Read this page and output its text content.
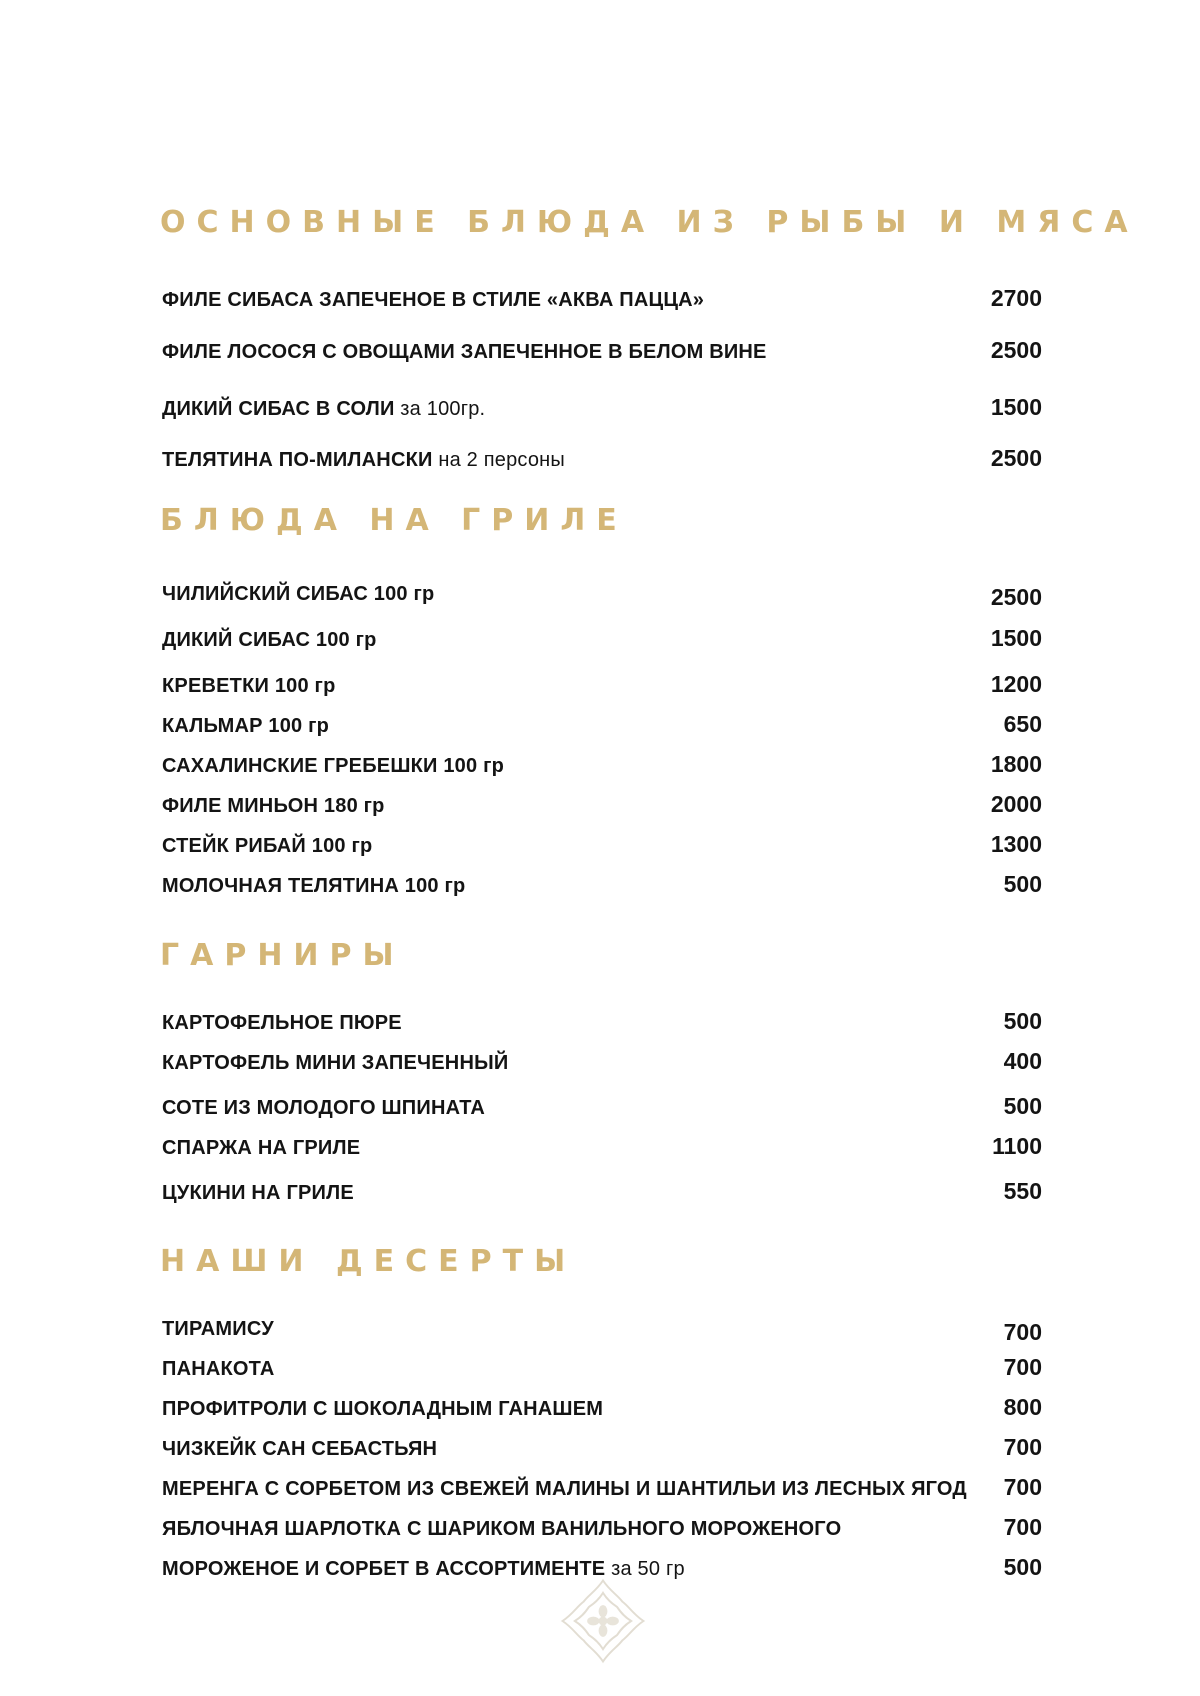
ОСНОВНЫЕ БЛЮДА ИЗ РЫБЫ И МЯСА
ФИЛЕ СИБАСА ЗАПЕЧЕНОЕ В СТИЛЕ «АКВА ПАЦЦА»	2700
ФИЛЕ ЛОСОСЯ С ОВОЩАМИ ЗАПЕЧЕННОЕ В БЕЛОМ ВИНЕ	2500
ДИКИЙ СИБАС В СОЛИ за 100гр.	1500
ТЕЛЯТИНА ПО-МИЛАНСКИ на 2 персоны	2500
БЛЮДА НА ГРИЛЕ
ЧИЛИЙСКИЙ СИБАС 100 гр	2500
ДИКИЙ СИБАС 100 гр	1500
КРЕВЕТКИ 100 гр	1200
КАЛЬМАР 100 гр	650
САХАЛИНСКИЕ ГРЕБЕШКИ 100 гр	1800
ФИЛЕ МИНЬОН 180 гр	2000
СТЕЙК РИБАЙ 100 гр	1300
МОЛОЧНАЯ ТЕЛЯТИНА 100 гр	500
ГАРНИРЫ
КАРТОФЕЛЬНОЕ ПЮРЕ	500
КАРТОФЕЛЬ МИНИ ЗАПЕЧЕННЫЙ	400
СОТЕ ИЗ МОЛОДОГО ШПИНАТА	500
СПАРЖА НА ГРИЛЕ	1100
ЦУКИНИ НА ГРИЛЕ	550
НАШИ ДЕСЕРТЫ
ТИРАМИСУ	700
ПАНАКОТА	700
ПРОФИТРОЛИ С ШОКОЛАДНЫМ ГАНАШЕМ	800
ЧИЗКЕЙК САН СЕБАСТЬЯН	700
МЕРЕНГА С СОРБЕТОМ ИЗ СВЕЖЕЙ МАЛИНЫ И ШАНТИЛЬИ ИЗ ЛЕСНЫХ ЯГОД 700
ЯБЛОЧНАЯ ШАРЛОТКА С ШАРИКОМ ВАНИЛЬНОГО МОРОЖЕНОГО	700
МОРОЖЕНОЕ И СОРБЕТ В АССОРТИМЕНТЕ за 50 гр	500
